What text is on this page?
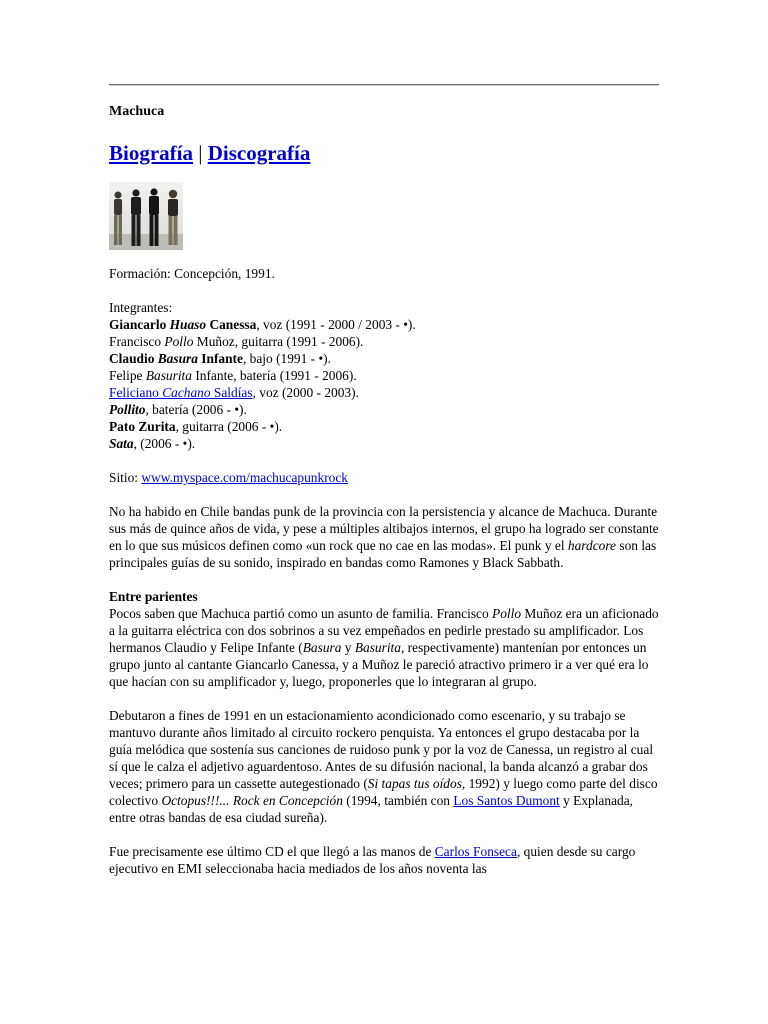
Machuca
Biografía | Discografía

Formación: Concepción, 1991.

Integrantes:
Giancarlo Huaso Canessa, voz (1991 - 2000 / 2003 - •).
Francisco Pollo Muñoz, guitarra (1991 - 2006).
Claudio Basura Infante, bajo (1991 - •).
Felipe Basurita Infante, batería (1991 - 2006).
Feliciano Cachano Saldías, voz (2000 - 2003).
Pollito, batería (2006 - •).
Pato Zurita, guitarra (2006 - •).
Sata, (2006 - •).

Sitio: www.myspace.com/machucapunkrock

No ha habido en Chile bandas punk de la provincia con la persistencia y alcance de Machuca. Durante sus más de quince años de vida, y pese a múltiples altibajos internos, el grupo ha logrado ser constante en lo que sus músicos definen como «un rock que no cae en las modas». El punk y el hardcore son las principales guías de su sonido, inspirado en bandas como Ramones y Black Sabbath.

Entre parientes
Pocos saben que Machuca partió como un asunto de familia. Francisco Pollo Muñoz era un aficionado a la guitarra eléctrica con dos sobrinos a su vez empeñados en pedirle prestado su amplificador. Los hermanos Claudio y Felipe Infante (Basura y Basurita, respectivamente) mantenían por entonces un grupo junto al cantante Giancarlo Canessa, y a Muñoz le pareció atractivo primero ir a ver qué era lo que hacían con su amplificador y, luego, proponerles que lo integraran al grupo.

Debutaron a fines de 1991 en un estacionamiento acondicionado como escenario, y su trabajo se mantuvo durante años limitado al circuito rockero penquista. Ya entonces el grupo destacaba por la guía melódica que sostenía sus canciones de ruidoso punk y por la voz de Canessa, un registro al cual sí que le calza el adjetivo aguardentoso. Antes de su difusión nacional, la banda alcanzó a grabar dos veces; primero para un cassette autegestionado (Si tapas tus oídos, 1992) y luego como parte del disco colectivo Octopus!!!... Rock en Concepción (1994, también con Los Santos Dumont y Explanada, entre otras bandas de esa ciudad sureña).

Fue precisamente ese último CD el que llegó a las manos de Carlos Fonseca, quien desde su cargo ejecutivo en EMI seleccionaba hacia mediados de los años noventa las
